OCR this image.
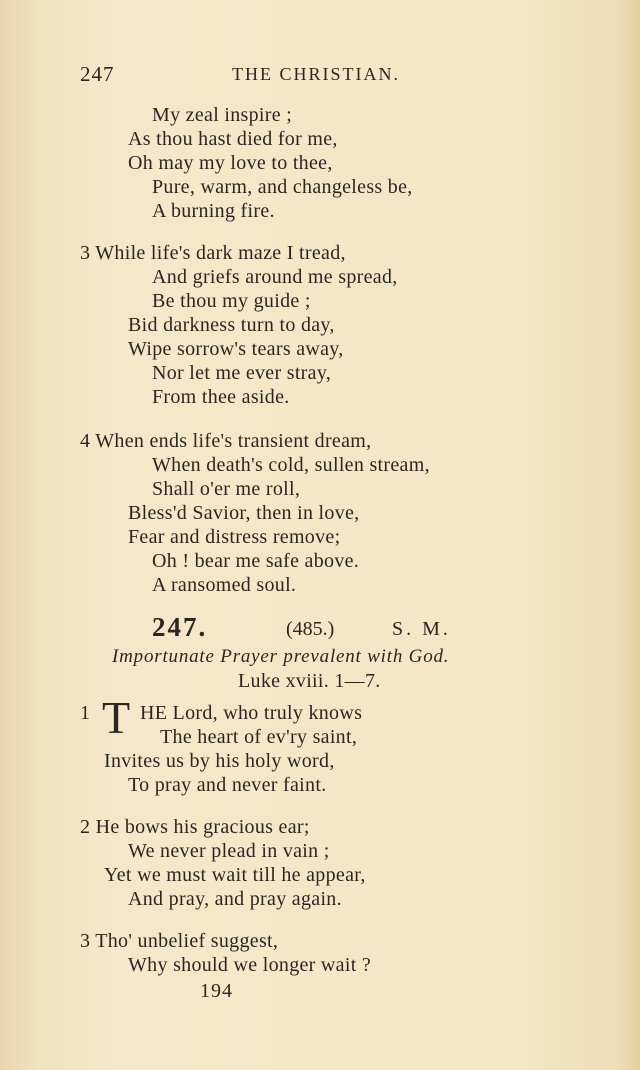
247	THE CHRISTIAN.
My zeal inspire ;
As thou hast died for me,
Oh may my love to thee,
Pure, warm, and changeless be,
A burning fire.
3 While life's dark maze I tread,
And griefs around me spread,
Be thou my guide ;
Bid darkness turn to day,
Wipe sorrow's tears away,
Nor let me ever stray,
From thee aside.
4 When ends life's transient dream,
When death's cold, sullen stream,
Shall o'er me roll,
Bless'd Savior, then in love,
Fear and distress remove;
Oh ! bear me safe above.
A ransomed soul.
247.	(485.)	S. M.
Importunate Prayer prevalent with God.
Luke xviii. 1—7.
1 T HE Lord, who truly knows
The heart of ev'ry saint,
Invites us by his holy word,
To pray and never faint.
2 He bows his gracious ear;
We never plead in vain ;
Yet we must wait till he appear,
And pray, and pray again.
3 Tho' unbelief suggest,
Why should we longer wait ?
194
